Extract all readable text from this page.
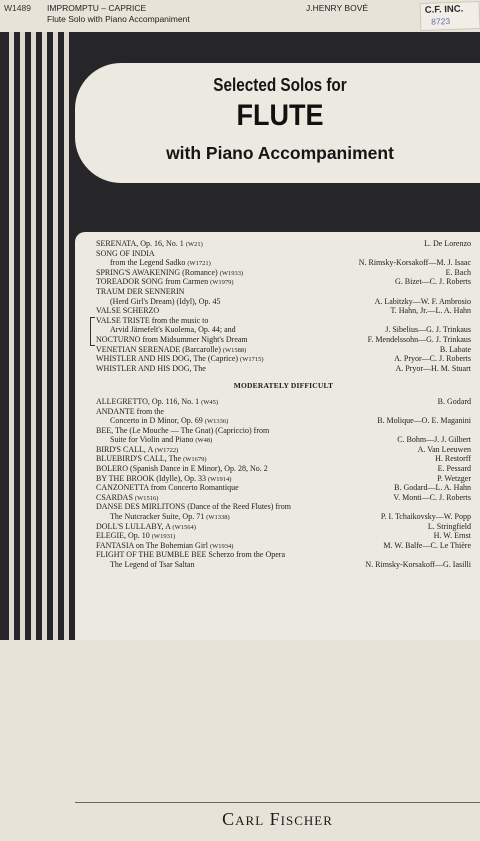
W1489 IMPROMPTU – CAPRICE
Flute Solo with Piano Accompaniment
J.HENRY BOVÉ	C.F. INC.
8723
Selected Solos for
FLUTE
with Piano Accompaniment
SERENATA, Op. 16, No. 1 (W21)	L. De Lorenzo
SONG OF INDIA
from the Legend Sadko (W1721)	N. Rimsky-Korsakoff—M. J. Isaac
SPRING'S AWAKENING (Romance) (W1933)	E. Bach
TOREADOR SONG from Carmen (W1979)	G. Bizet—C. J. Roberts
TRAUM DER SENNERIN
(Herd Girl's Dream) (Idyl), Op. 45	A. Labitzky—W. F. Ambrosio
VALSE SCHERZO	T. Hahn, Jr.—L. A. Hahn
VALSE TRISTE from the music to
Arvid Järnefelt's Kuolema, Op. 44; and	J. Sibelius—G. J. Trinkaus
NOCTURNO from Midsummer Night's Dream	F. Mendelssohn—G. J. Trinkaus
VENETIAN SERENADE (Barcarolle) (W1588)	B. Labate
WHISTLER AND HIS DOG, The (Caprice) (W1715)	A. Pryor—C. J. Roberts
WHISTLER AND HIS DOG, The	A. Pryor—H. M. Stuart
MODERATELY DIFFICULT
ALLEGRETTO, Op. 116, No. 1 (W45)	B. Godard
ANDANTE from the
Concerto in D Minor, Op. 69 (W1336)	B. Molique—O. E. Maganini
BEE, The (Le Mouche — The Gnat) (Capriccio) from
Suite for Violin and Piano (W48)	C. Bohm—J. J. Gilbert
BIRD'S CALL, A (W1722)	A. Van Leeuwen
BLUEBIRD'S CALL, The (W1679)	H. Restorff
BOLERO (Spanish Dance in E Minor), Op. 28, No. 2	E. Pessard
BY THE BROOK (Idylle), Op. 33 (W1914)	P. Wetzger
CANZONETTA from Concerto Romantique	B. Godard—L. A. Hahn
CSARDAS (W1516)	V. Monti—C. J. Roberts
DANSE DES MIRLITONS (Dance of the Reed Flutes) from
The Nutcracker Suite, Op. 71 (W1338)	P. I. Tchaikovsky—W. Popp
DOLL'S LULLABY, A (W1564)	L. Stringfield
ELEGIE, Op. 10 (W1931)	H. W. Ernst
FANTASIA on The Bohemian Girl (W1934)	M. W. Balfe—C. Le Thière
FLIGHT OF THE BUMBLE BEE Scherzo from the Opera
The Legend of Tsar Saltan	N. Rimsky-Korsakoff—G. Iasilli
Carl Fischer
